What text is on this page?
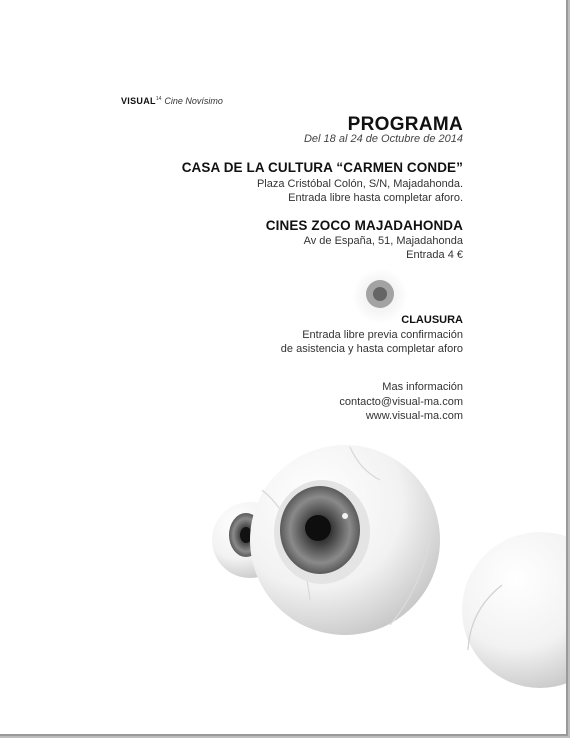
VISUAL$^{14}$ Cine Novísimo
PROGRAMA
Del 18 al 24 de Octubre de 2014
CASA DE LA CULTURA “CARMEN CONDE”
Plaza Cristóbal Colón, S/N, Majadahonda.
Entrada libre hasta completar aforo.
CINES ZOCO MAJADAHONDA
Av de España, 51, Majadahonda
Entrada 4 €
CLAUSURA
Entrada libre previa confirmación
de asistencia y hasta completar aforo
Mas información
contacto@visual-ma.com
www.visual-ma.com
